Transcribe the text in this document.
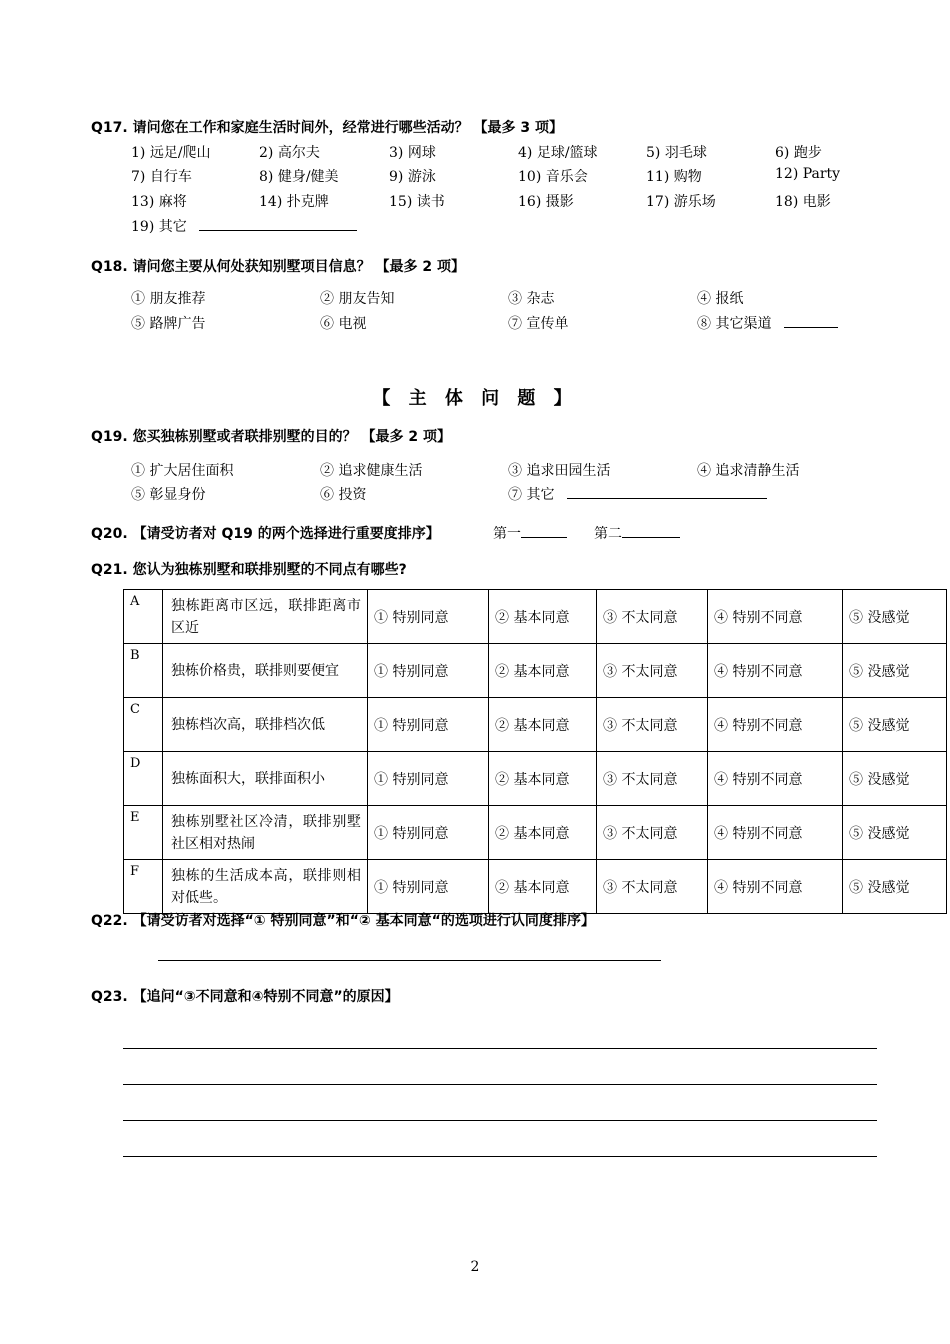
Q17. 请问您在工作和家庭生活时间外，经常进行哪些活动？ 【最多 3 项】
1) 远足/爬山	2) 高尔夫	3) 网球	4) 足球/篮球	5) 羽毛球	6) 跑步
7) 自行车	8) 健身/健美	9) 游泳	10) 音乐会	11) 购物	12) Party
13) 麻将	14) 扑克牌	15) 读书	16) 摄影	17) 游乐场	18) 电影
19) 其它
Q18. 请问您主要从何处获知别墅项目信息？ 【最多 2 项】
① 朋友推荐	② 朋友告知	③ 杂志	④ 报纸
⑤ 路牌广告	⑥ 电视	⑦ 宣传单	⑧ 其它渠道
【 主 体 问 题 】
Q19. 您买独栋别墅或者联排别墅的目的？ 【最多 2 项】
① 扩大居住面积	② 追求健康生活	③ 追求田园生活	④ 追求清静生活
⑤ 彰显身份	⑥ 投资	⑦ 其它
Q20. 【请受访者对 Q19 的两个选择进行重要度排序】	第一	第二
Q21. 您认为独栋别墅和联排别墅的不同点有哪些?
A	独栋距离市区远，联排距离市区近	① 特别同意	② 基本同意	③ 不太同意	④ 特别不同意	⑤ 没感觉
B	独栋价格贵，联排则要便宜	① 特别同意	② 基本同意	③ 不太同意	④ 特别不同意	⑤ 没感觉
C	独栋档次高，联排档次低	① 特别同意	② 基本同意	③ 不太同意	④ 特别不同意	⑤ 没感觉
D	独栋面积大，联排面积小	① 特别同意	② 基本同意	③ 不太同意	④ 特别不同意	⑤ 没感觉
E	独栋别墅社区冷清，联排别墅社区相对热闹	① 特别同意	② 基本同意	③ 不太同意	④ 特别不同意	⑤ 没感觉
F	独栋的生活成本高，联排则相对低些。	① 特别同意	② 基本同意	③ 不太同意	④ 特别不同意	⑤ 没感觉
Q22. 【请受访者对选择“① 特别同意”和“② 基本同意“的选项进行认同度排序】
Q23. 【追问“③不同意和④特别不同意”的原因】
2
